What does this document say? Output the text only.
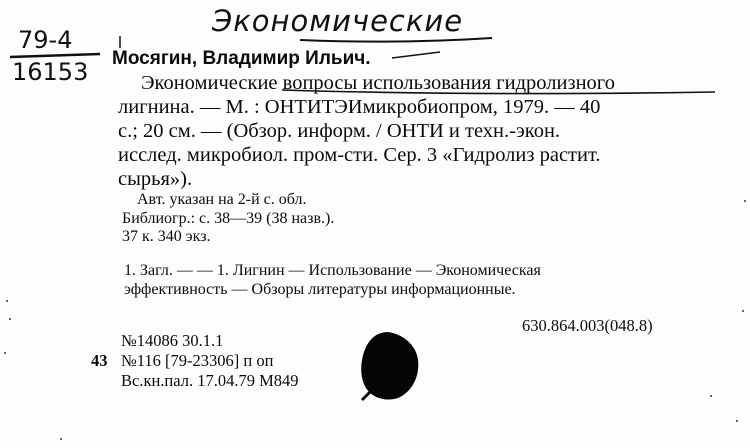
Экономические
79-4
16153 Мосягин, Владимир Ильич.
Экономические вопросы использования гидролизного
лигнина. — М. : ОНТИТЭИмикробиопром, 1979. — 40
с.; 20 см. — (Обзор. информ. / ОНТИ и техн.-экон.
исслед. микробиол. пром-сти. Сер. 3 «Гидролиз растит.
сырья»).
Авт. указан на 2-й с. обл.
Библиогр.: с. 38—39 (38 назв.).
37 к. 340 экз.
1. Загл. — — 1. Лигнин — Использование — Экономическая
эффективность — Обзоры литературы информационные.
630.864.003(048.8)
№14086 30.1.1
43 №116 [79-23306] п оп
Вс.кн.пал. 17.04.79 М849
